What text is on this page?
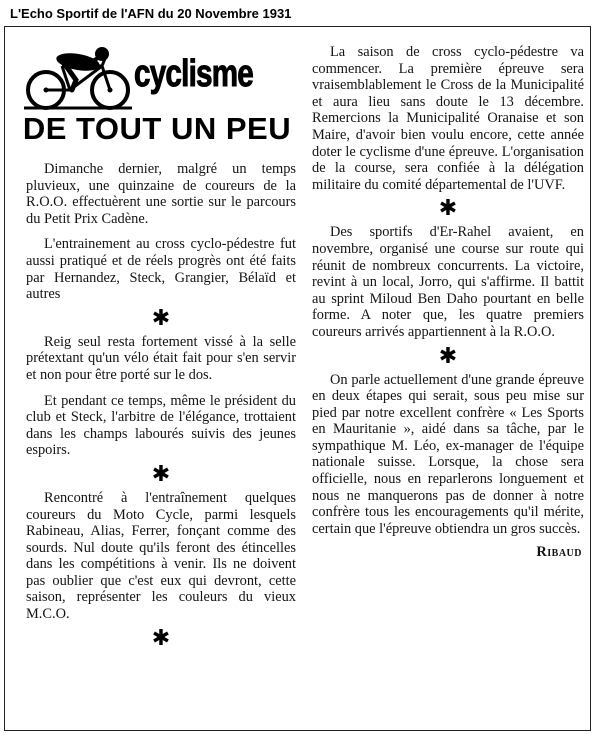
L'Echo Sportif de l'AFN du 20 Novembre 1931
cyclisme
DE TOUT UN PEU

Dimanche dernier, malgré un temps pluvieux, une quinzaine de coureurs de la R.O.O. effectuèrent une sortie sur le parcours du Petit Prix Cadène.

L'entrainement au cross cyclo-pédestre fut aussi pratiqué et de réels progrès ont été faits par Hernandez, Steck, Grangier, Bélaïd et autres

✱

Reig seul resta fortement vissé à la selle prétextant qu'un vélo était fait pour s'en servir et non pour être porté sur le dos.

Et pendant ce temps, même le président du club et Steck, l'arbitre de l'élégance, trottaient dans les champs labourés suivis des jeunes espoirs.

✱

Rencontré à l'entraînement quelques coureurs du Moto Cycle, parmi lesquels Rabineau, Alias, Ferrer, fonçant comme des sourds. Nul doute qu'ils feront des étincelles dans les compétitions à venir. Ils ne doivent pas oublier que c'est eux qui devront, cette saison, représenter les couleurs du vieux M.C.O.

✱

La saison de cross cyclo-pédestre va commencer. La première épreuve sera vraisemblablement le Cross de la Municipalité et aura lieu sans doute le 13 décembre. Remercions la Municipalité Oranaise et son Maire, d'avoir bien voulu encore, cette année doter le cyclisme d'une épreuve. L'organisation de la course, sera confiée à la délégation militaire du comité départemental de l'UVF.

✱

Des sportifs d'Er-Rahel avaient, en novembre, organisé une course sur route qui réunit de nombreux concurrents. La victoire, revint à un local, Jorro, qui s'affirme. Il battit au sprint Miloud Ben Daho pourtant en belle forme. A noter que, les quatre premiers coureurs arrivés appartiennent à la R.O.O.

✱

On parle actuellement d'une grande épreuve en deux étapes qui serait, sous peu mise sur pied par notre excellent confrère « Les Sports en Mauritanie », aidé dans sa tâche, par le sympathique M. Léo, ex-manager de l'équipe nationale suisse. Lorsque, la chose sera officielle, nous en reparlerons longuement et nous ne manquerons pas de donner à notre confrère tous les encouragements qu'il mérite, certain que l'épreuve obtiendra un gros succès.

Ribaud
